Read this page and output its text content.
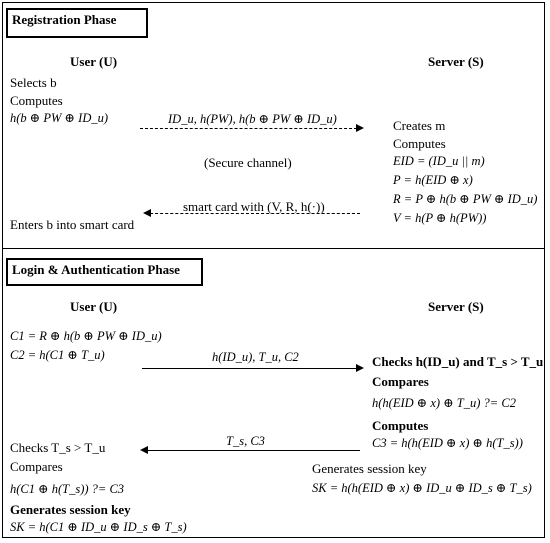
Registration Phase
User (U)	Server (S)
Selects b
Computes
h(b ⊕ PW ⊕ ID_u)	ID_u, h(PW), h(b ⊕ PW ⊕ ID_u)	Creates m
Computes
EID = (ID_u || m)
P = h(EID ⊕ x)
R = P ⊕ h(b ⊕ PW ⊕ ID_u)
V = h(P ⊕ h(PW))
(Secure channel)
smart card with (V, R, h(·))
Enters b into smart card
Login & Authentication Phase
User (U)	Server (S)
C1 = R ⊕ h(b ⊕ PW ⊕ ID_u)
C2 = h(C1 ⊕ T_u)	h(ID_u), T_u, C2	Checks h(ID_u) and T_s > T_u
Compares
h(h(EID ⊕ x) ⊕ T_u) ?= C2
Computes
C3 = h(h(EID ⊕ x) ⊕ h(T_s))
T_s, C3
Checks T_s > T_u
Compares	Generates session key
SK = h(h(EID ⊕ x) ⊕ ID_u ⊕ ID_s ⊕ T_s)
h(C1 ⊕ h(T_s)) ?= C3
Generates session key
SK = h(C1 ⊕ ID_u ⊕ ID_s ⊕ T_s)
